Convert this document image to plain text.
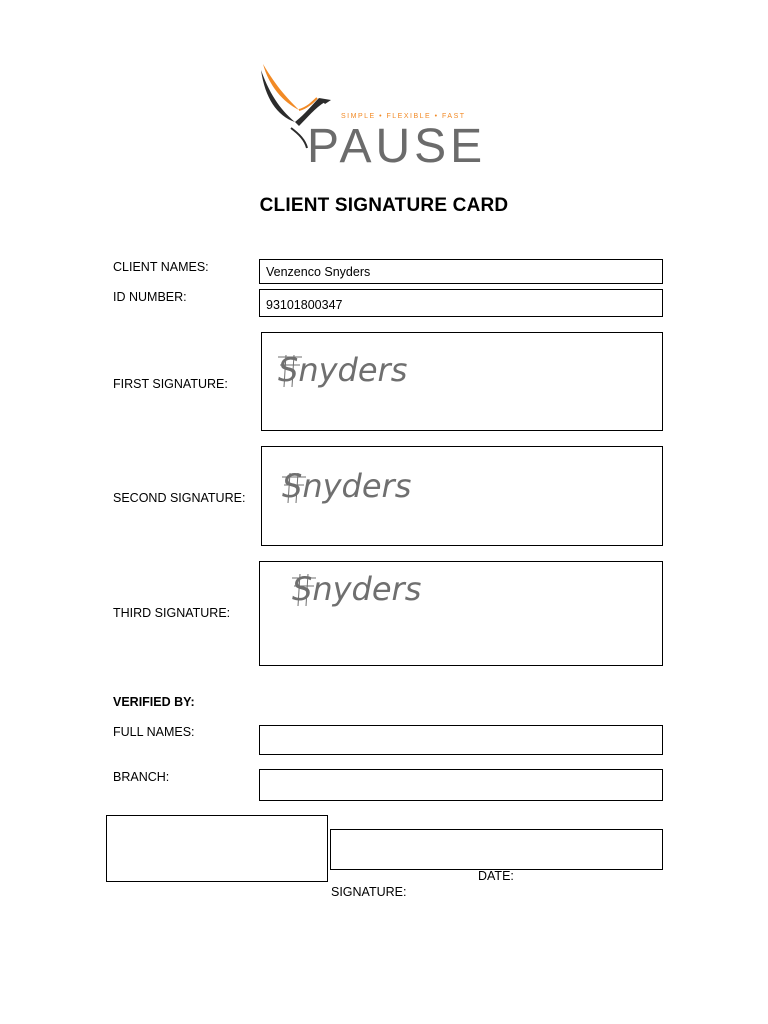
SIMPLE • FLEXIBLE • FAST
PAUSE
CLIENT SIGNATURE CARD
CLIENT NAMES:	Venzenco Snyders
ID NUMBER:
93101800347
FIRST SIGNATURE: Snyders
SECOND SIGNATURE: Snyders
THIRD SIGNATURE:
Snyders
VERIFIED BY:
FULL NAMES:
BRANCH:
DATE:
SIGNATURE:
